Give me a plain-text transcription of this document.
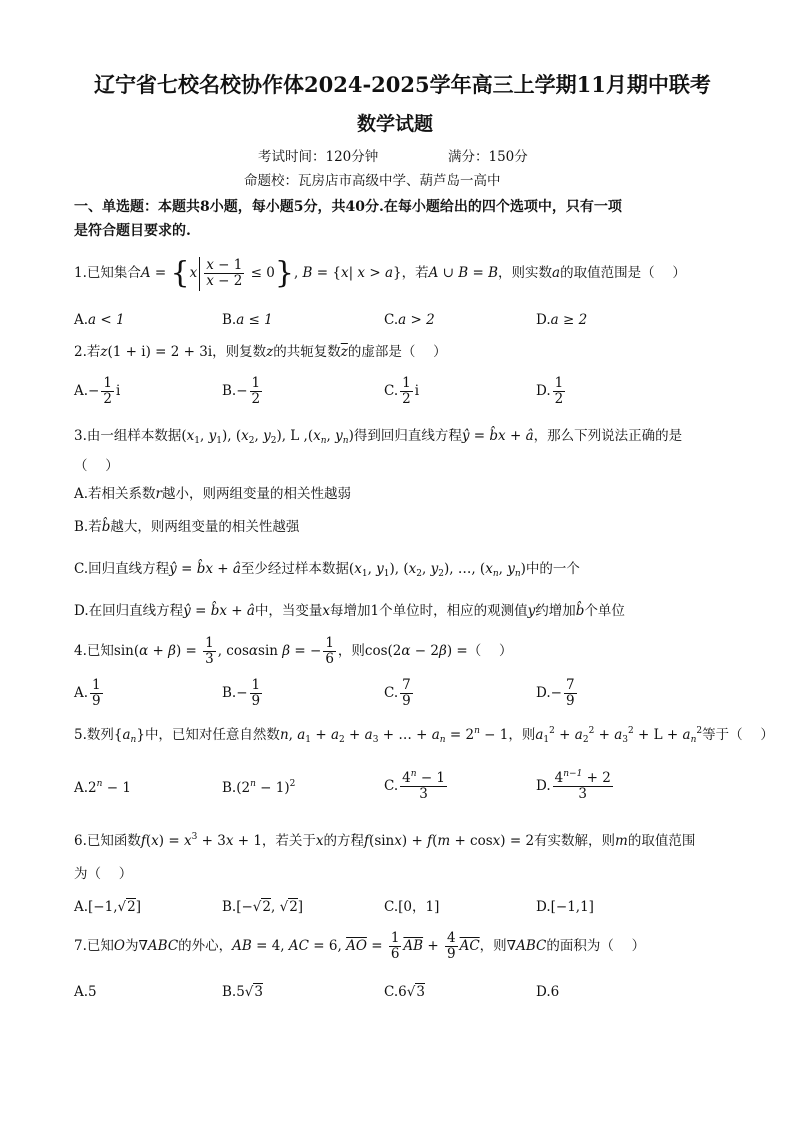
辽宁省七校名校协作体2024-2025学年高三上学期11月期中联考
数学试题
考试时间：120分钟	满分：150分
命题校：瓦房店市高级中学、葫芦岛一高中
一、单选题：本题共8小题，每小题5分，共40分.在每小题给出的四个选项中，只有一项
是符合题目要求的.
1.已知集合$A = \{x \frac{x - 1}{x - 2} \le 0\}$, B = {x| x > a}，若A ∪ B = B，则实数a的取值范围是（　 ）
A.a < 1	B.a ≤ 1	C.a > 2	D.a ≥ 2
2.若z(1 + i) = 2 + 3i，则复数z的共轭复数$\overline{z}$的虚部是（　 ）
$A.- \frac{1}{2}$ i	$B.- \frac{1}{2}$	C. $\frac{1}{2}$ i	D. $\frac{1}{2}$
3.由一组样本数据($x_1$, $y_1$), ($x_2$, $y_2$), L $,(x_n$, $y_n$)得到回归直线方程ŷ = b̂x + â，那么下列说法正确的是
（　 ）
A.若相关系数r越小，则两组变量的相关性越弱
B.若b̂越大，则两组变量的相关性越强
C.回归直线方程ŷ = b̂x + â至少经过样本数据($x_1$, $y_1$), ($x_2$, $y_2$), …, ($x_n$, $y_n$)中的一个
D.在回归直线方程ŷ = b̂x + â中，当变量x每增加1个单位时，相应的观测值y约增加b̂个单位
4.已知$\sin(\alpha + \beta) = \frac{1}{3}$ , cosαsin β = − $\frac{1}{6}$ ，则cos(2α − 2β) =（　 ）
A. $\frac{1}{9}$	$B.- \frac{1}{9}$	C. $\frac{7}{9}$	$D.- \frac{7}{9}$
5.数列$\{a_n\}$中，已知对任意自然数n, $a_1 + a_2 + a_3$ + … + $a_n = 2^n - 1$，则$a_1^2 + a_2^2 + a_3^2 + L + a_n^2$等于（　 ）
$A.2^n - 1$	$B.(2^n - 1)^2$	C. $\frac{4^n - 1}{3}$	D. $\frac{4^{n-1} + 2}{3}$
6.已知函数$f(x) = x^3 + 3x + 1$，若关于x的方程f(sinx) + f(m + cosx) = 2有实数解，则m的取值范围
为（　 ）
A.[−1,√2]	B.[−√2, √2]	C.[0，1]	D.[−1,1]
7.已知O为∇ABC的外心，AB = 4, AC = 6, $\overline{AO} = \frac{1}{6} \overline{AB} + \frac{4}{9} \overline{AC}$，则∇ABC的面积为（　 ）
A.5	B.5√3	C.6√3	D.6
